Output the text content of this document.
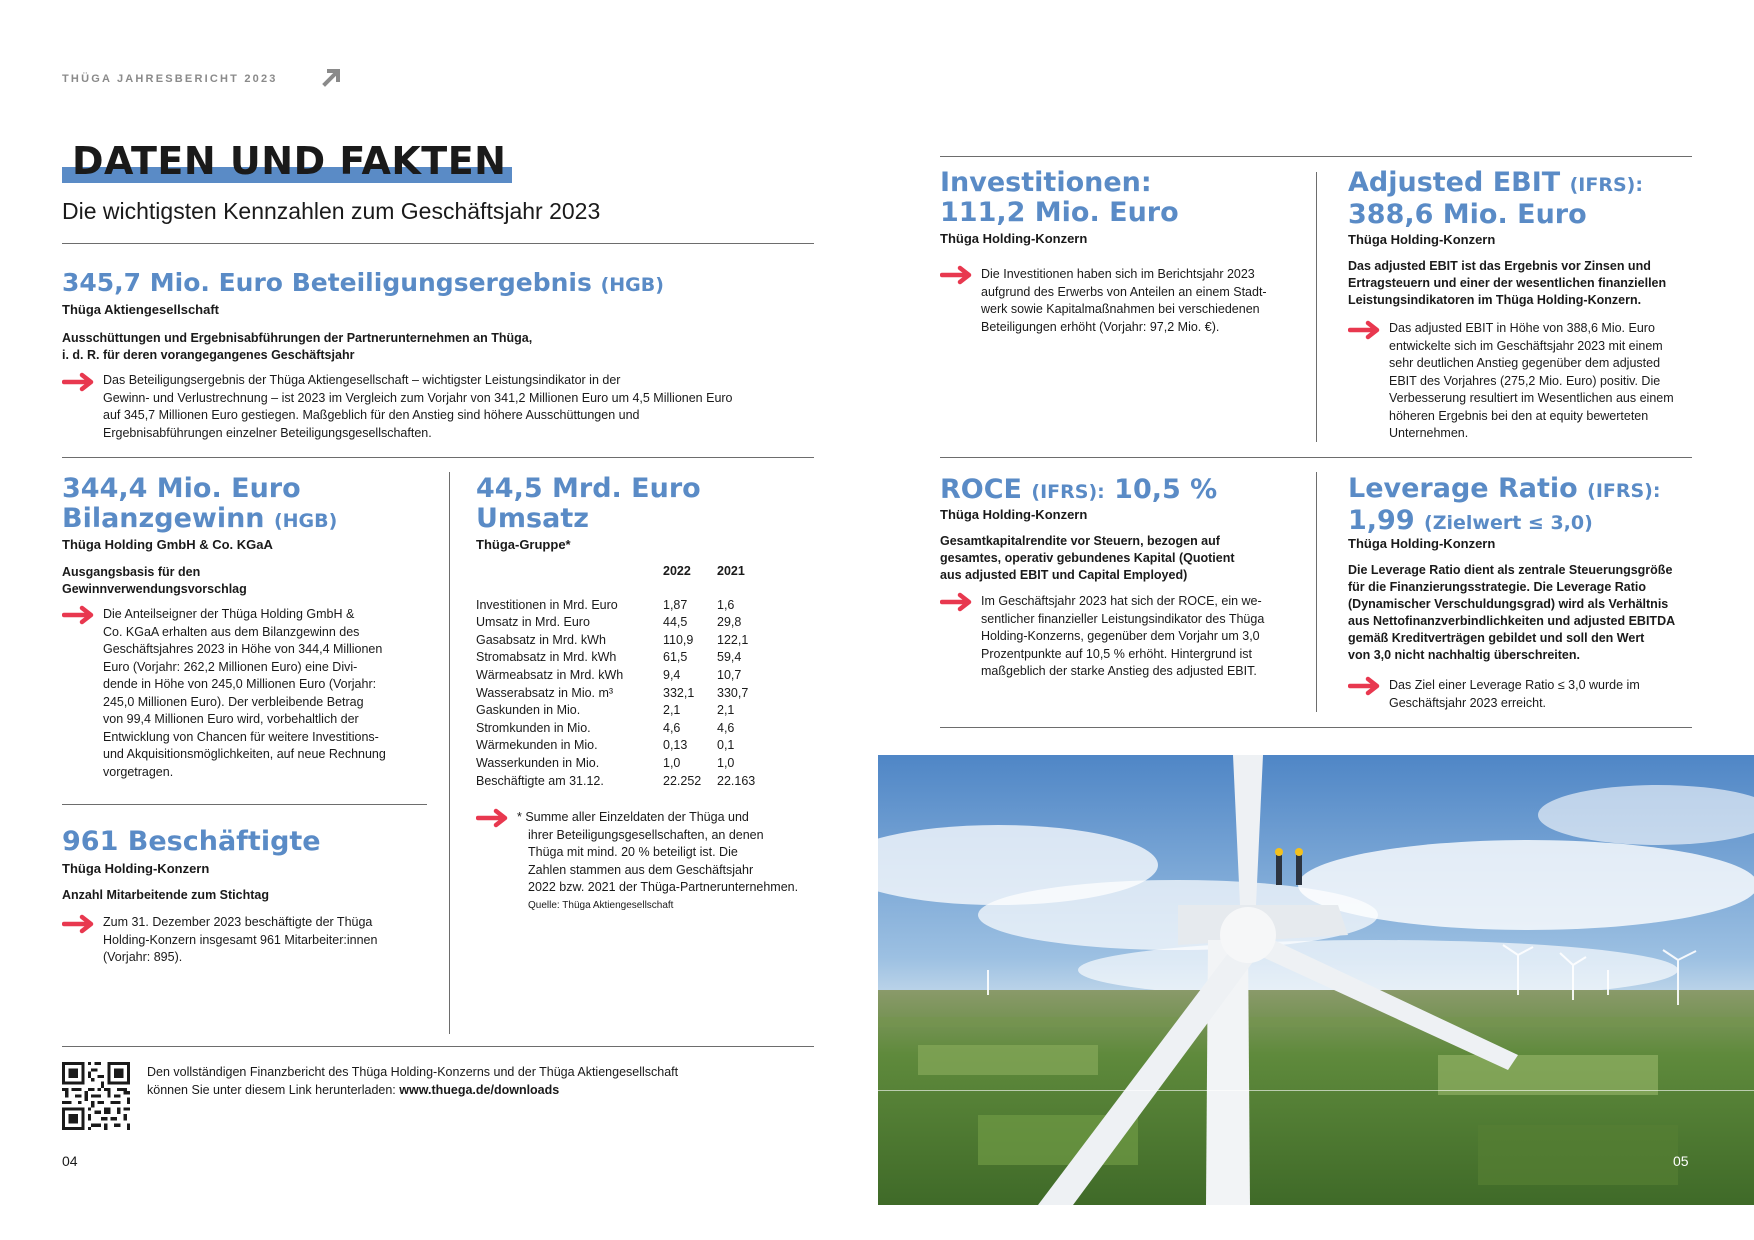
THÜGA JAHRESBERICHT 2023
DATEN UND FAKTEN
Die wichtigsten Kennzahlen zum Geschäftsjahr 2023
345,7 Mio. Euro Beteiligungsergebnis (HGB)
Thüga Aktiengesellschaft
Ausschüttungen und Ergebnisabführungen der Partnerunternehmen an Thüga,
i. d. R. für deren vorangegangenes Geschäftsjahr
Das Beteiligungsergebnis der Thüga Aktiengesellschaft – wichtigster Leistungsindikator in der
Gewinn- und Verlustrechnung – ist 2023 im Vergleich zum Vorjahr von 341,2 Millionen Euro um 4,5 Millionen Euro
auf 345,7 Millionen Euro gestiegen. Maßgeblich für den Anstieg sind höhere Ausschüttungen und
Ergebnisabführungen einzelner Beteiligungsgesellschaften.
344,4 Mio. Euro
Bilanzgewinn (HGB)
Thüga Holding GmbH & Co. KGaA
Ausgangsbasis für den
Gewinnverwendungsvorschlag
Die Anteilseigner der Thüga Holding GmbH &
Co. KGaA erhalten aus dem Bilanzgewinn des
Geschäftsjahres 2023 in Höhe von 344,4 Millionen
Euro (Vorjahr: 262,2 Millionen Euro) eine Divi-
dende in Höhe von 245,0 Millionen Euro (Vorjahr:
245,0 Millionen Euro). Der verbleibende Betrag
von 99,4 Millionen Euro wird, vorbehaltlich der
Entwicklung von Chancen für weitere Investitions-
und Akquisitionsmöglichkeiten, auf neue Rechnung
vorgetragen.
961 Beschäftigte
Thüga Holding-Konzern
Anzahl Mitarbeitende zum Stichtag
Zum 31. Dezember 2023 beschäftigte der Thüga
Holding-Konzern insgesamt 961 Mitarbeiter:innen
(Vorjahr: 895).
44,5 Mrd. Euro
Umsatz
Thüga-Gruppe*
	2022	2021

Investitionen in Mrd. Euro	1,87	1,6
Umsatz in Mrd. Euro	44,5	29,8
Gasabsatz in Mrd. kWh	110,9	122,1
Stromabsatz in Mrd. kWh	61,5	59,4
Wärmeabsatz in Mrd. kWh	9,4	10,7
Wasserabsatz in Mio. m³	332,1	330,7
Gaskunden in Mio.	2,1	2,1
Stromkunden in Mio.	4,6	4,6
Wärmekunden in Mio.	0,13	0,1
Wasserkunden in Mio.	1,0	1,0
Beschäftigte am 31.12.	22.252	22.163
* Summe aller Einzeldaten der Thüga und
ihrer Beteiligungsgesellschaften, an denen
Thüga mit mind. 20 % beteiligt ist. Die
Zahlen stammen aus dem Geschäftsjahr
2022 bzw. 2021 der Thüga-Partnerunternehmen.
Quelle: Thüga Aktiengesellschaft
Den vollständigen Finanzbericht des Thüga Holding-Konzerns und der Thüga Aktiengesellschaft
können Sie unter diesem Link herunterladen: www.thuega.de/downloads
04
Investitionen:
111,2 Mio. Euro
Thüga Holding-Konzern
Die Investitionen haben sich im Berichtsjahr 2023
aufgrund des Erwerbs von Anteilen an einem Stadt-
werk sowie Kapitalmaßnahmen bei verschiedenen
Beteiligungen erhöht (Vorjahr: 97,2 Mio. €).
Adjusted EBIT (IFRS):
388,6 Mio. Euro
Thüga Holding-Konzern
Das adjusted EBIT ist das Ergebnis vor Zinsen und
Ertragsteuern und einer der wesentlichen finanziellen
Leistungsindikatoren im Thüga Holding-Konzern.
Das adjusted EBIT in Höhe von 388,6 Mio. Euro
entwickelte sich im Geschäftsjahr 2023 mit einem
sehr deutlichen Anstieg gegenüber dem adjusted
EBIT des Vorjahres (275,2 Mio. Euro) positiv. Die
Verbesserung resultiert im Wesentlichen aus einem
höheren Ergebnis bei den at equity bewerteten
Unternehmen.
ROCE (IFRS): 10,5 %
Thüga Holding-Konzern
Gesamtkapitalrendite vor Steuern, bezogen auf
gesamtes, operativ gebundenes Kapital (Quotient
aus adjusted EBIT und Capital Employed)
Im Geschäftsjahr 2023 hat sich der ROCE, ein we-
sentlicher finanzieller Leistungsindikator des Thüga
Holding-Konzerns, gegenüber dem Vorjahr um 3,0
Prozentpunkte auf 10,5 % erhöht. Hintergrund ist
maßgeblich der starke Anstieg des adjusted EBIT.
Leverage Ratio (IFRS):
1,99 (Zielwert ≤ 3,0)
Thüga Holding-Konzern
Die Leverage Ratio dient als zentrale Steuerungsgröße
für die Finanzierungsstrategie. Die Leverage Ratio
(Dynamischer Verschuldungsgrad) wird als Verhältnis
aus Nettofinanzverbindlichkeiten und adjusted EBITDA
gemäß Kreditverträgen gebildet und soll den Wert
von 3,0 nicht nachhaltig überschreiten.
Das Ziel einer Leverage Ratio ≤ 3,0 wurde im
Geschäftsjahr 2023 erreicht.
05
